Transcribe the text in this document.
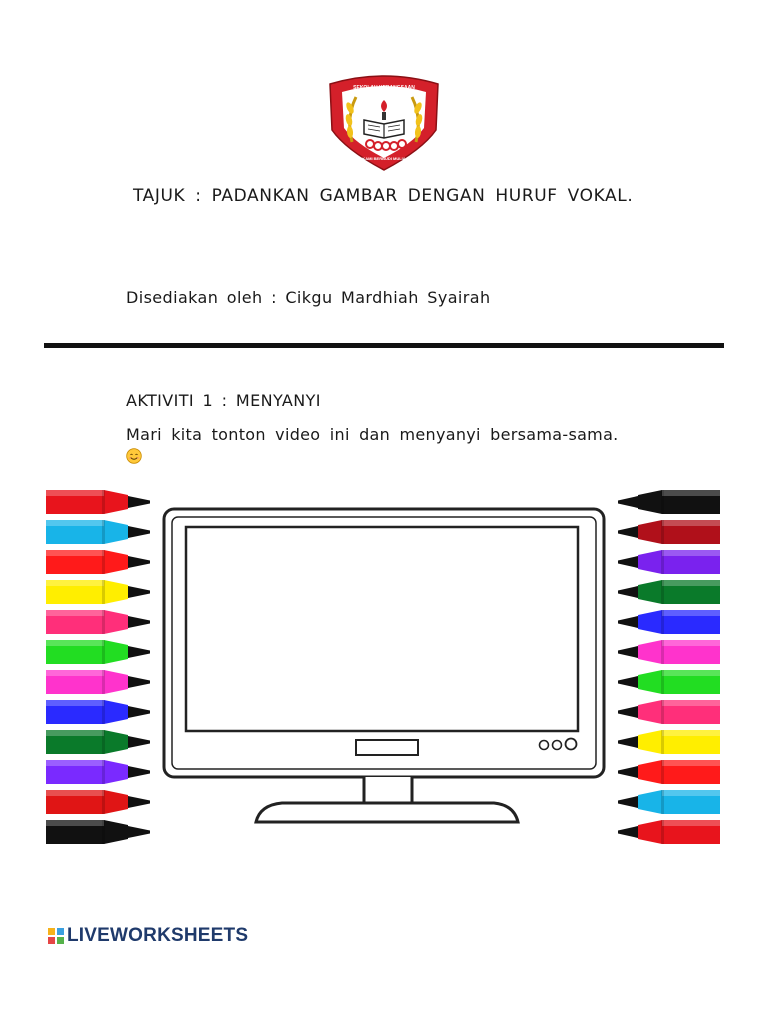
SEKOLAH KEBANGSAAN
HULU BERNAM
KAMI BERBUDI MULIA
TAJUK : PADANKAN GAMBAR DENGAN HURUF VOKAL.
Disediakan oleh : Cikgu Mardhiah Syairah
AKTIVITI 1 : MENYANYI
Mari kita tonton video ini dan menyanyi bersama-sama.
LIVEWORKSHEETS
